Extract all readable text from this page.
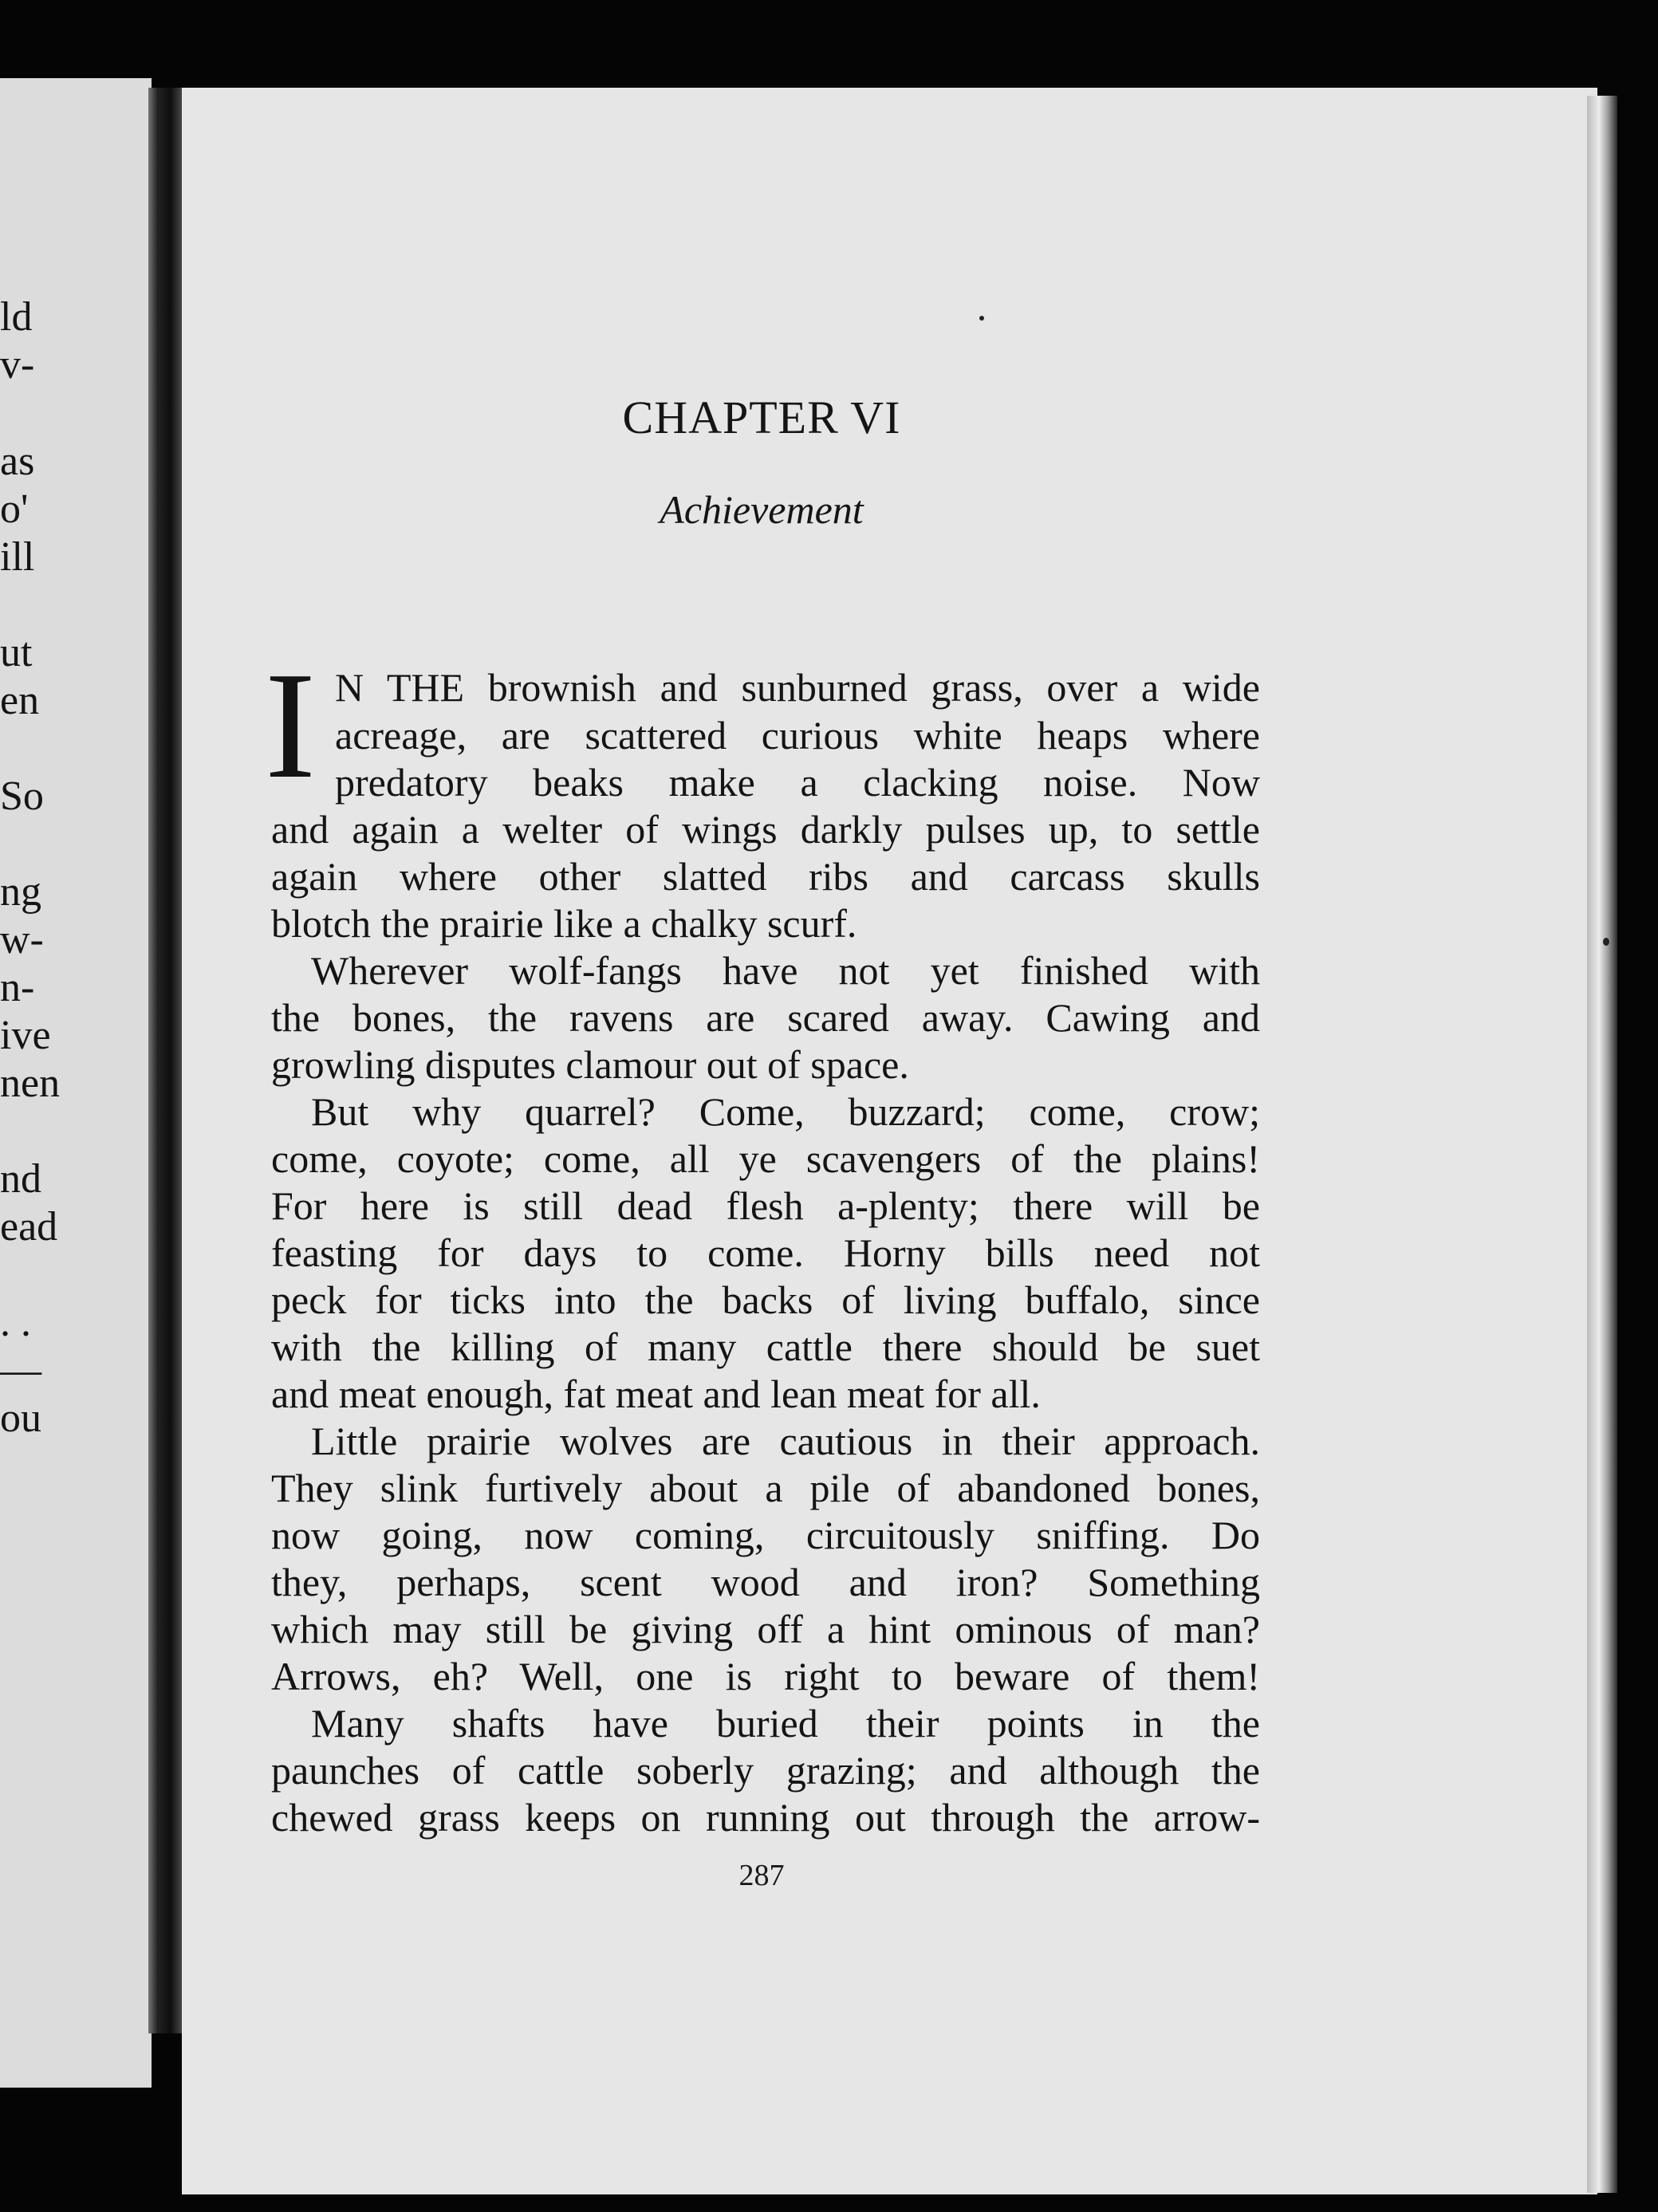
ld
v-
as
o'
ill
ut
en
So
ng
w-
n-
ive
nen
nd
ead
. .
—
ou
CHAPTER VI
Achievement
I N THE brownish and sunburned grass, over a wide
acreage, are scattered curious white heaps where
predatory beaks make a clacking noise. Now
and again a welter of wings darkly pulses up, to settle
again where other slatted ribs and carcass skulls
blotch the prairie like a chalky scurf.
Wherever wolf-fangs have not yet finished with
the bones, the ravens are scared away. Cawing and
growling disputes clamour out of space.
But why quarrel? Come, buzzard; come, crow;
come, coyote; come, all ye scavengers of the plains!
For here is still dead flesh a-plenty; there will be
feasting for days to come. Horny bills need not
peck for ticks into the backs of living buffalo, since
with the killing of many cattle there should be suet
and meat enough, fat meat and lean meat for all.
Little prairie wolves are cautious in their approach.
They slink furtively about a pile of abandoned bones,
now going, now coming, circuitously sniffing. Do
they, perhaps, scent wood and iron? Something
which may still be giving off a hint ominous of man?
Arrows, eh? Well, one is right to beware of them!
Many shafts have buried their points in the
paunches of cattle soberly grazing; and although the
chewed grass keeps on running out through the arrow-
287
